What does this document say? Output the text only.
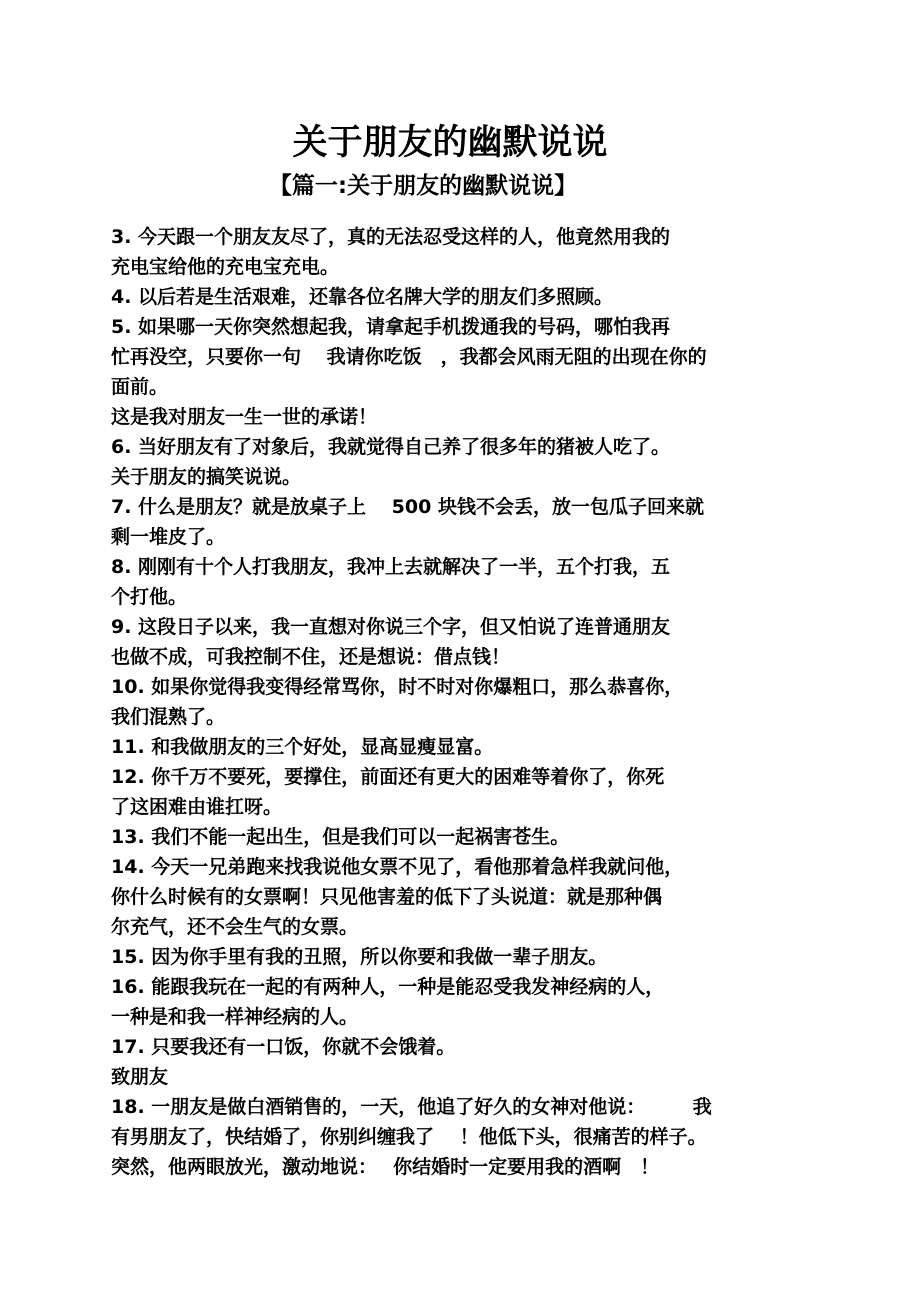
关于朋友的幽默说说
【篇一:关于朋友的幽默说说】
3. 今天跟一个朋友友尽了，真的无法忍受这样的人，他竟然用我的
充电宝给他的充电宝充电。
4. 以后若是生活艰难，还靠各位名牌大学的朋友们多照顾。
5. 如果哪一天你突然想起我，请拿起手机拨通我的号码，哪怕我再
忙再没空，只要你一句　 我请你吃饭　，我都会风雨无阻的出现在你的
面前。
这是我对朋友一生一世的承诺！
6. 当好朋友有了对象后，我就觉得自己养了很多年的猪被人吃了。
关于朋友的搞笑说说。
7. 什么是朋友？就是放桌子上　 500 块钱不会丢，放一包瓜子回来就
剩一堆皮了。
8. 刚刚有十个人打我朋友，我冲上去就解决了一半，五个打我，五
个打他。
9. 这段日子以来，我一直想对你说三个字，但又怕说了连普通朋友
也做不成，可我控制不住，还是想说：借点钱！
10. 如果你觉得我变得经常骂你，时不时对你爆粗口，那么恭喜你，
我们混熟了。
11. 和我做朋友的三个好处，显高显瘦显富。
12. 你千万不要死，要撑住，前面还有更大的困难等着你了，你死
了这困难由谁扛呀。
13. 我们不能一起出生，但是我们可以一起祸害苍生。
14. 今天一兄弟跑来找我说他女票不见了，看他那着急样我就问他，
你什么时候有的女票啊！只见他害羞的低下了头说道：就是那种偶
尔充气，还不会生气的女票。
15. 因为你手里有我的丑照，所以你要和我做一辈子朋友。
16. 能跟我玩在一起的有两种人，一种是能忍受我发神经病的人，
一种是和我一样神经病的人。
17. 只要我还有一口饭，你就不会饿着。
致朋友
18. 一朋友是做白酒销售的，一天，他追了好久的女神对他说：　　　我
有男朋友了，快结婚了，你别纠缠我了　 ！他低下头，很痛苦的样子。
突然，他两眼放光，激动地说：　 你结婚时一定要用我的酒啊　！
